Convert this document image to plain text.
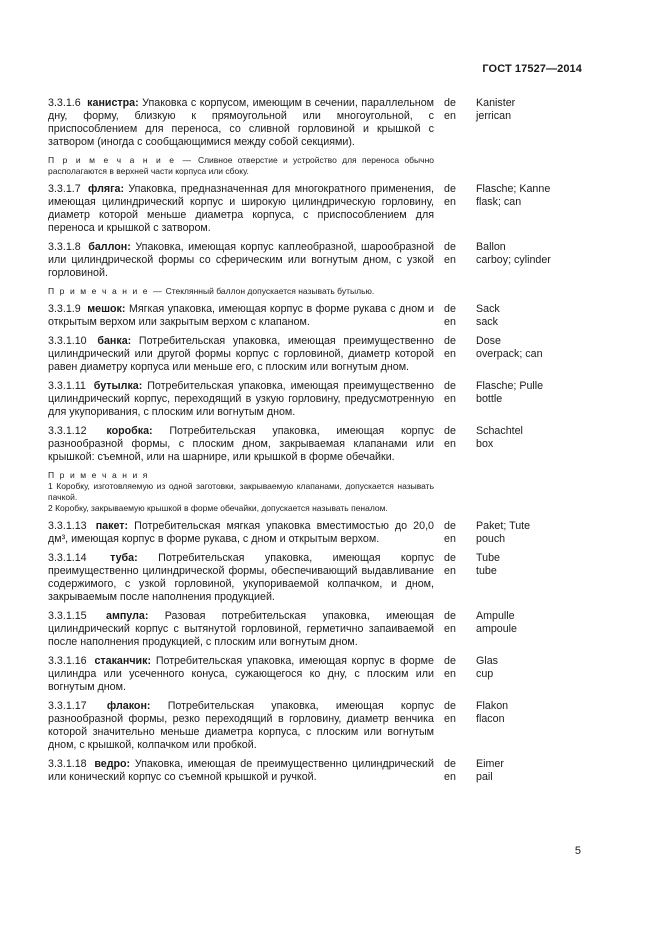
ГОСТ 17527—2014
3.3.1.6 канистра: Упаковка с корпусом, имеющим в сечении, параллельном дну, форму, близкую к прямоугольной или многоугольной, с приспособлением для переноса, со сливной горловиной и крышкой с затвором (иногда с сообщающимися между собой секциями).
de
en
Kanister
jerrican
П р и м е ч а н и е — Сливное отверстие и устройство для переноса обычно располагаются в верхней части корпуса или сбоку.
3.3.1.7 фляга: Упаковка, предназначенная для многократного применения, имеющая цилиндрический корпус и широкую цилиндрическую горловину, диаметр которой меньше диаметра корпуса, с приспособлением для переноса и крышкой с затвором.
de
en
Flasche; Kanne
flask; can
3.3.1.8 баллон: Упаковка, имеющая корпус каплеобразной, шарообразной или цилиндрической формы со сферическим или вогнутым дном, с узкой горловиной.
de
en
Ballon
carboy; cylinder
П р и м е ч а н и е — Стеклянный баллон допускается называть бутылью.
3.3.1.9 мешок: Мягкая упаковка, имеющая корпус в форме рукава с дном и открытым верхом или закрытым верхом с клапаном.
de
en
Sack
sack
3.3.1.10 банка: Потребительская упаковка, имеющая преимущественно цилиндрический или другой формы корпус с горловиной, диаметр которой равен диаметру корпуса или меньше его, с плоским или вогнутым дном.
de
en
Dose
overpack; can
3.3.1.11 бутылка: Потребительская упаковка, имеющая преимущественно цилиндрический корпус, переходящий в узкую горловину, предусмотренную для укупоривания, с плоским или вогнутым дном.
de
en
Flasche; Pulle
bottle
3.3.1.12 коробка: Потребительская упаковка, имеющая корпус разнообразной формы, с плоским дном, закрываемая клапанами или крышкой: съемной, или на шарнире, или крышкой в форме обечайки.
de
en
Schachtel
box
П р и м е ч а н и я
1 Коробку, изготовляемую из одной заготовки, закрываемую клапанами, допускается называть пачкой.
2 Коробку, закрываемую крышкой в форме обечайки, допускается называть пеналом.
3.3.1.13 пакет: Потребительская мягкая упаковка вместимостью до 20,0 дм³, имеющая корпус в форме рукава, с дном и открытым верхом.
de
en
Paket; Tute
pouch
3.3.1.14 туба: Потребительская упаковка, имеющая корпус преимущественно цилиндрической формы, обеспечивающий выдавливание содержимого, с узкой горловиной, укупориваемой колпачком, и дном, закрываемым после наполнения продукцией.
de
en
Tube
tube
3.3.1.15 ампула: Разовая потребительская упаковка, имеющая цилиндрический корпус с вытянутой горловиной, герметично запаиваемой после наполнения продукцией, с плоским или вогнутым дном.
de
en
Ampulle
ampoule
3.3.1.16 стаканчик: Потребительская упаковка, имеющая корпус в форме цилиндра или усеченного конуса, сужающегося ко дну, с плоским или вогнутым дном.
de
en
Glas
cup
3.3.1.17 флакон: Потребительская упаковка, имеющая корпус разнообразной формы, резко переходящий в горловину, диаметр венчика которой значительно меньше диаметра корпуса, с плоским или вогнутым дном, с крышкой, колпачком или пробкой.
de
en
Flakon
flacon
3.3.1.18 ведро: Упаковка, имеющая de преимущественно цилиндрический или конический корпус со съемной крышкой и ручкой.
de
en
Eimer
pail
5
